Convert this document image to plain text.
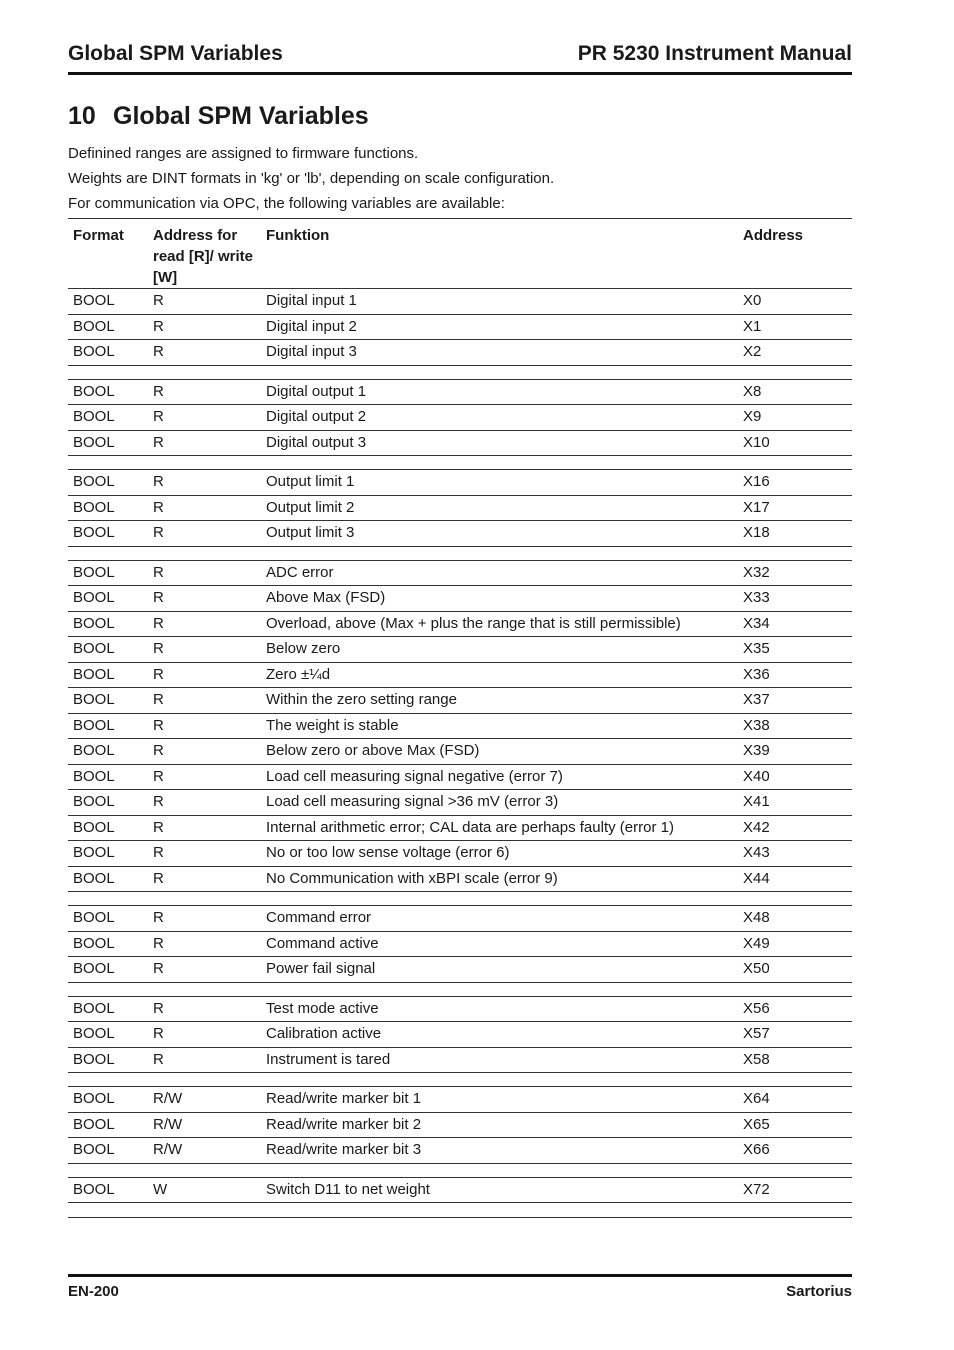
Global SPM Variables	PR 5230 Instrument Manual
10 Global SPM Variables

Definined ranges are assigned to firmware functions.

Weights are DINT formats in 'kg' or 'lb', depending on scale configuration.

For communication via OPC, the following variables are available:

Format	Address for read [R]/ write [W]	Funktion	Address
BOOL	R	Digital input 1	X0
BOOL	R	Digital input 2	X1
BOOL	R	Digital input 3	X2

BOOL	R	Digital output 1	X8
BOOL	R	Digital output 2	X9
BOOL	R	Digital output 3	X10

BOOL	R	Output limit 1	X16
BOOL	R	Output limit 2	X17
BOOL	R	Output limit 3	X18

BOOL	R	ADC error	X32
BOOL	R	Above Max (FSD)	X33
BOOL	R	Overload, above (Max + plus the range that is still permissible)	X34
BOOL	R	Below zero	X35
BOOL	R	Zero ±¼d	X36
BOOL	R	Within the zero setting range	X37
BOOL	R	The weight is stable	X38
BOOL	R	Below zero or above Max (FSD)	X39
BOOL	R	Load cell measuring signal negative (error 7)	X40
BOOL	R	Load cell measuring signal >36 mV (error 3)	X41
BOOL	R	Internal arithmetic error; CAL data are perhaps faulty (error 1)	X42
BOOL	R	No or too low sense voltage (error 6)	X43
BOOL	R	No Communication with xBPI scale (error 9)	X44

BOOL	R	Command error	X48
BOOL	R	Command active	X49
BOOL	R	Power fail signal	X50

BOOL	R	Test mode active	X56
BOOL	R	Calibration active	X57
BOOL	R	Instrument is tared	X58

BOOL	R/W	Read/write marker bit 1	X64
BOOL	R/W	Read/write marker bit 2	X65
BOOL	R/W	Read/write marker bit 3	X66

BOOL	W	Switch D11 to net weight	X72

EN-200	Sartorius
